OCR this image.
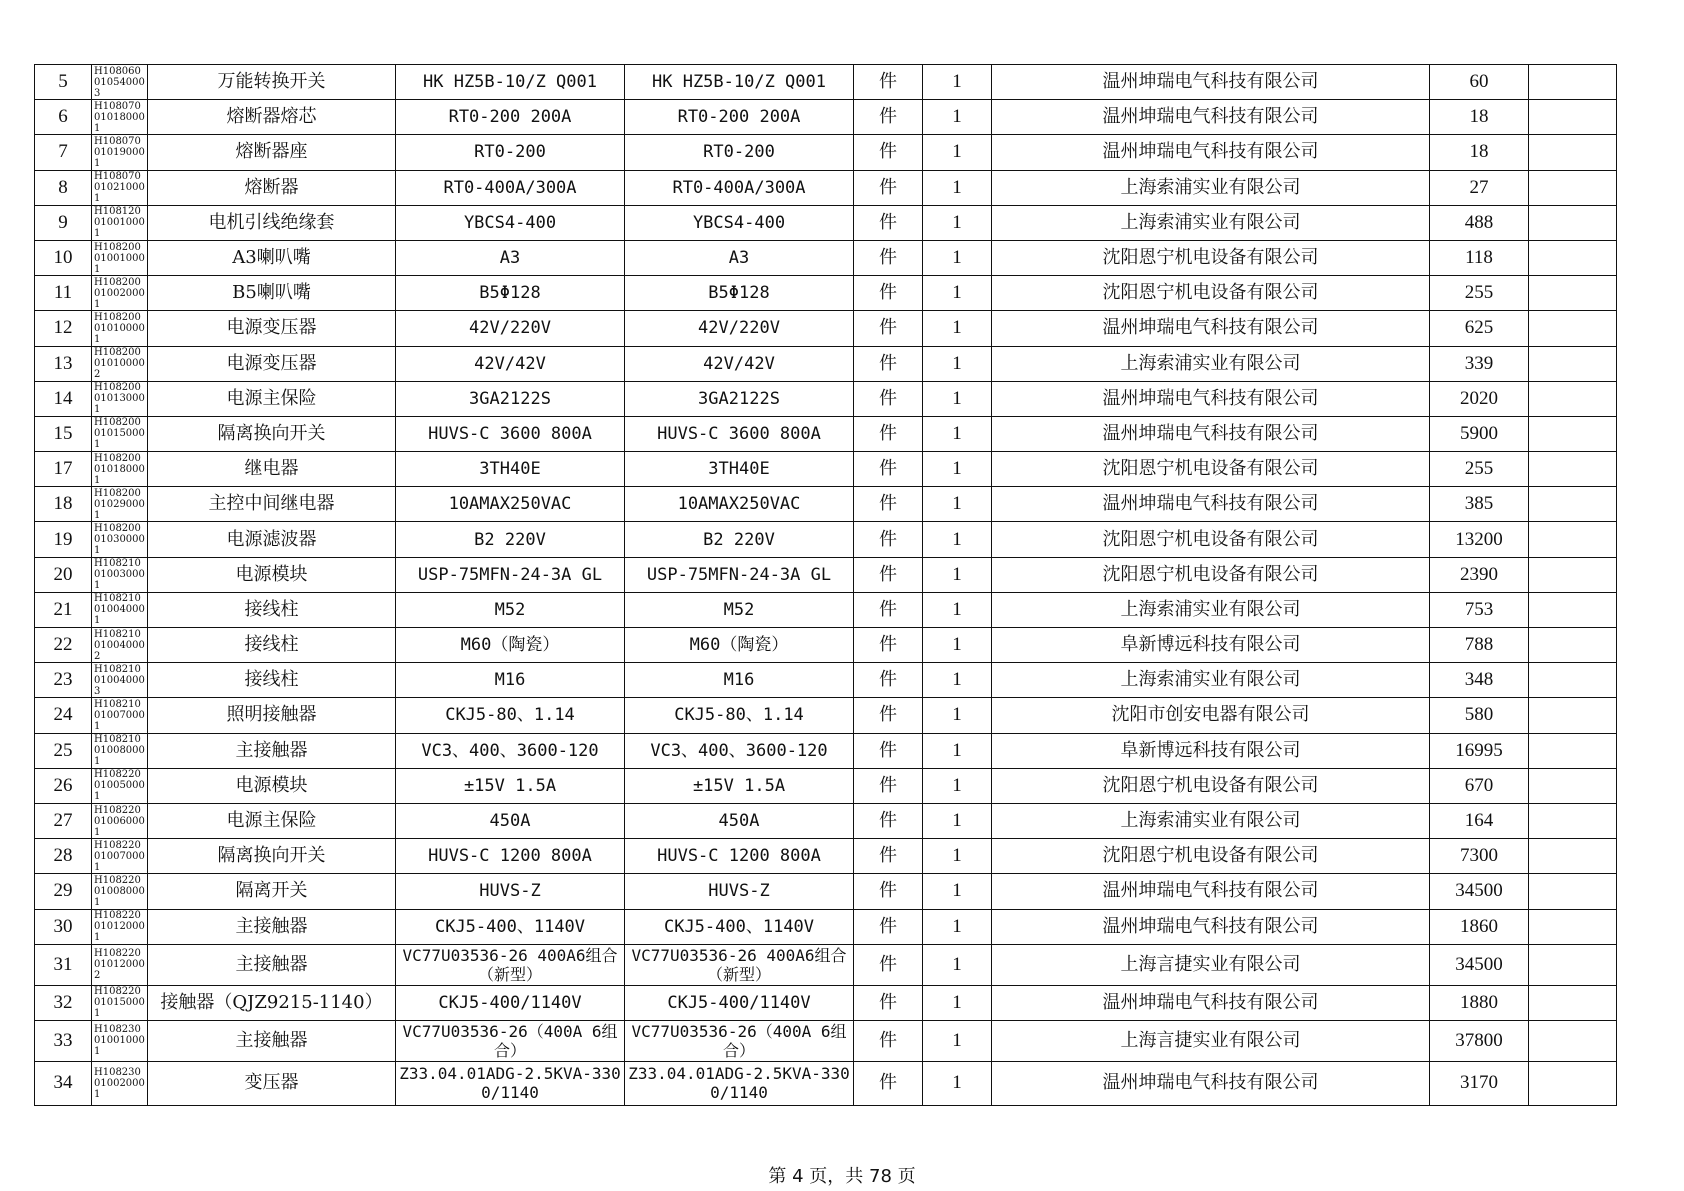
5	H108060010540003	万能转换开关	HK HZ5B-10/Z Q001	HK HZ5B-10/Z Q001	件	1	温州坤瑞电气科技有限公司	60	
6	H108070010180001	熔断器熔芯	RT0-200 200A	RT0-200 200A	件	1	温州坤瑞电气科技有限公司	18	
7	H108070010190001	熔断器座	RT0-200	RT0-200	件	1	温州坤瑞电气科技有限公司	18	
8	H108070010210001	熔断器	RT0-400A/300A	RT0-400A/300A	件	1	上海索浦实业有限公司	27	
9	H108120010010001	电机引线绝缘套	YBCS4-400	YBCS4-400	件	1	上海索浦实业有限公司	488	
10	H108200010010001	A3喇叭嘴	A3	A3	件	1	沈阳恩宁机电设备有限公司	118	
11	H108200010020001	B5喇叭嘴	B5Φ128	B5Φ128	件	1	沈阳恩宁机电设备有限公司	255	
12	H108200010100001	电源变压器	42V/220V	42V/220V	件	1	温州坤瑞电气科技有限公司	625	
13	H108200010100002	电源变压器	42V/42V	42V/42V	件	1	上海索浦实业有限公司	339	
14	H108200010130001	电源主保险	3GA2122S	3GA2122S	件	1	温州坤瑞电气科技有限公司	2020	
15	H108200010150001	隔离换向开关	HUVS-C 3600 800A	HUVS-C 3600 800A	件	1	温州坤瑞电气科技有限公司	5900	
17	H108200010180001	继电器	3TH40E	3TH40E	件	1	沈阳恩宁机电设备有限公司	255	
18	H108200010290001	主控中间继电器	10AMAX250VAC	10AMAX250VAC	件	1	温州坤瑞电气科技有限公司	385	
19	H108200010300001	电源滤波器	B2 220V	B2 220V	件	1	沈阳恩宁机电设备有限公司	13200	
20	H108210010030001	电源模块	USP-75MFN-24-3A GL	USP-75MFN-24-3A GL	件	1	沈阳恩宁机电设备有限公司	2390	
21	H108210010040001	接线柱	M52	M52	件	1	上海索浦实业有限公司	753	
22	H108210010040002	接线柱	M60（陶瓷）	M60（陶瓷）	件	1	阜新博远科技有限公司	788	
23	H108210010040003	接线柱	M16	M16	件	1	上海索浦实业有限公司	348	
24	H108210010070001	照明接触器	CKJ5-80、1.14	CKJ5-80、1.14	件	1	沈阳市创安电器有限公司	580	
25	H108210010080001	主接触器	VC3、400、3600-120	VC3、400、3600-120	件	1	阜新博远科技有限公司	16995	
26	H108220010050001	电源模块	±15V 1.5A	±15V 1.5A	件	1	沈阳恩宁机电设备有限公司	670	
27	H108220010060001	电源主保险	450A	450A	件	1	上海索浦实业有限公司	164	
28	H108220010070001	隔离换向开关	HUVS-C 1200 800A	HUVS-C 1200 800A	件	1	沈阳恩宁机电设备有限公司	7300	
29	H108220010080001	隔离开关	HUVS-Z	HUVS-Z	件	1	温州坤瑞电气科技有限公司	34500	
30	H108220010120001	主接触器	CKJ5-400、1140V	CKJ5-400、1140V	件	1	温州坤瑞电气科技有限公司	1860	
31	H108220010120002	主接触器	VC77U03536-26 400A6组合（新型）	VC77U03536-26 400A6组合（新型）	件	1	上海言捷实业有限公司	34500	
32	H108220010150001	接触器（QJZ9215-1140）	CKJ5-400/1140V	CKJ5-400/1140V	件	1	温州坤瑞电气科技有限公司	1880	
33	H108230010010001	主接触器	VC77U03536-26（400A 6组合）	VC77U03536-26（400A 6组合）	件	1	上海言捷实业有限公司	37800	
34	H108230010020001	变压器	Z33.04.01ADG-2.5KVA-3300/1140	Z33.04.01ADG-2.5KVA-3300/1140	件	1	温州坤瑞电气科技有限公司	3170	
第 4 页，共 78 页
